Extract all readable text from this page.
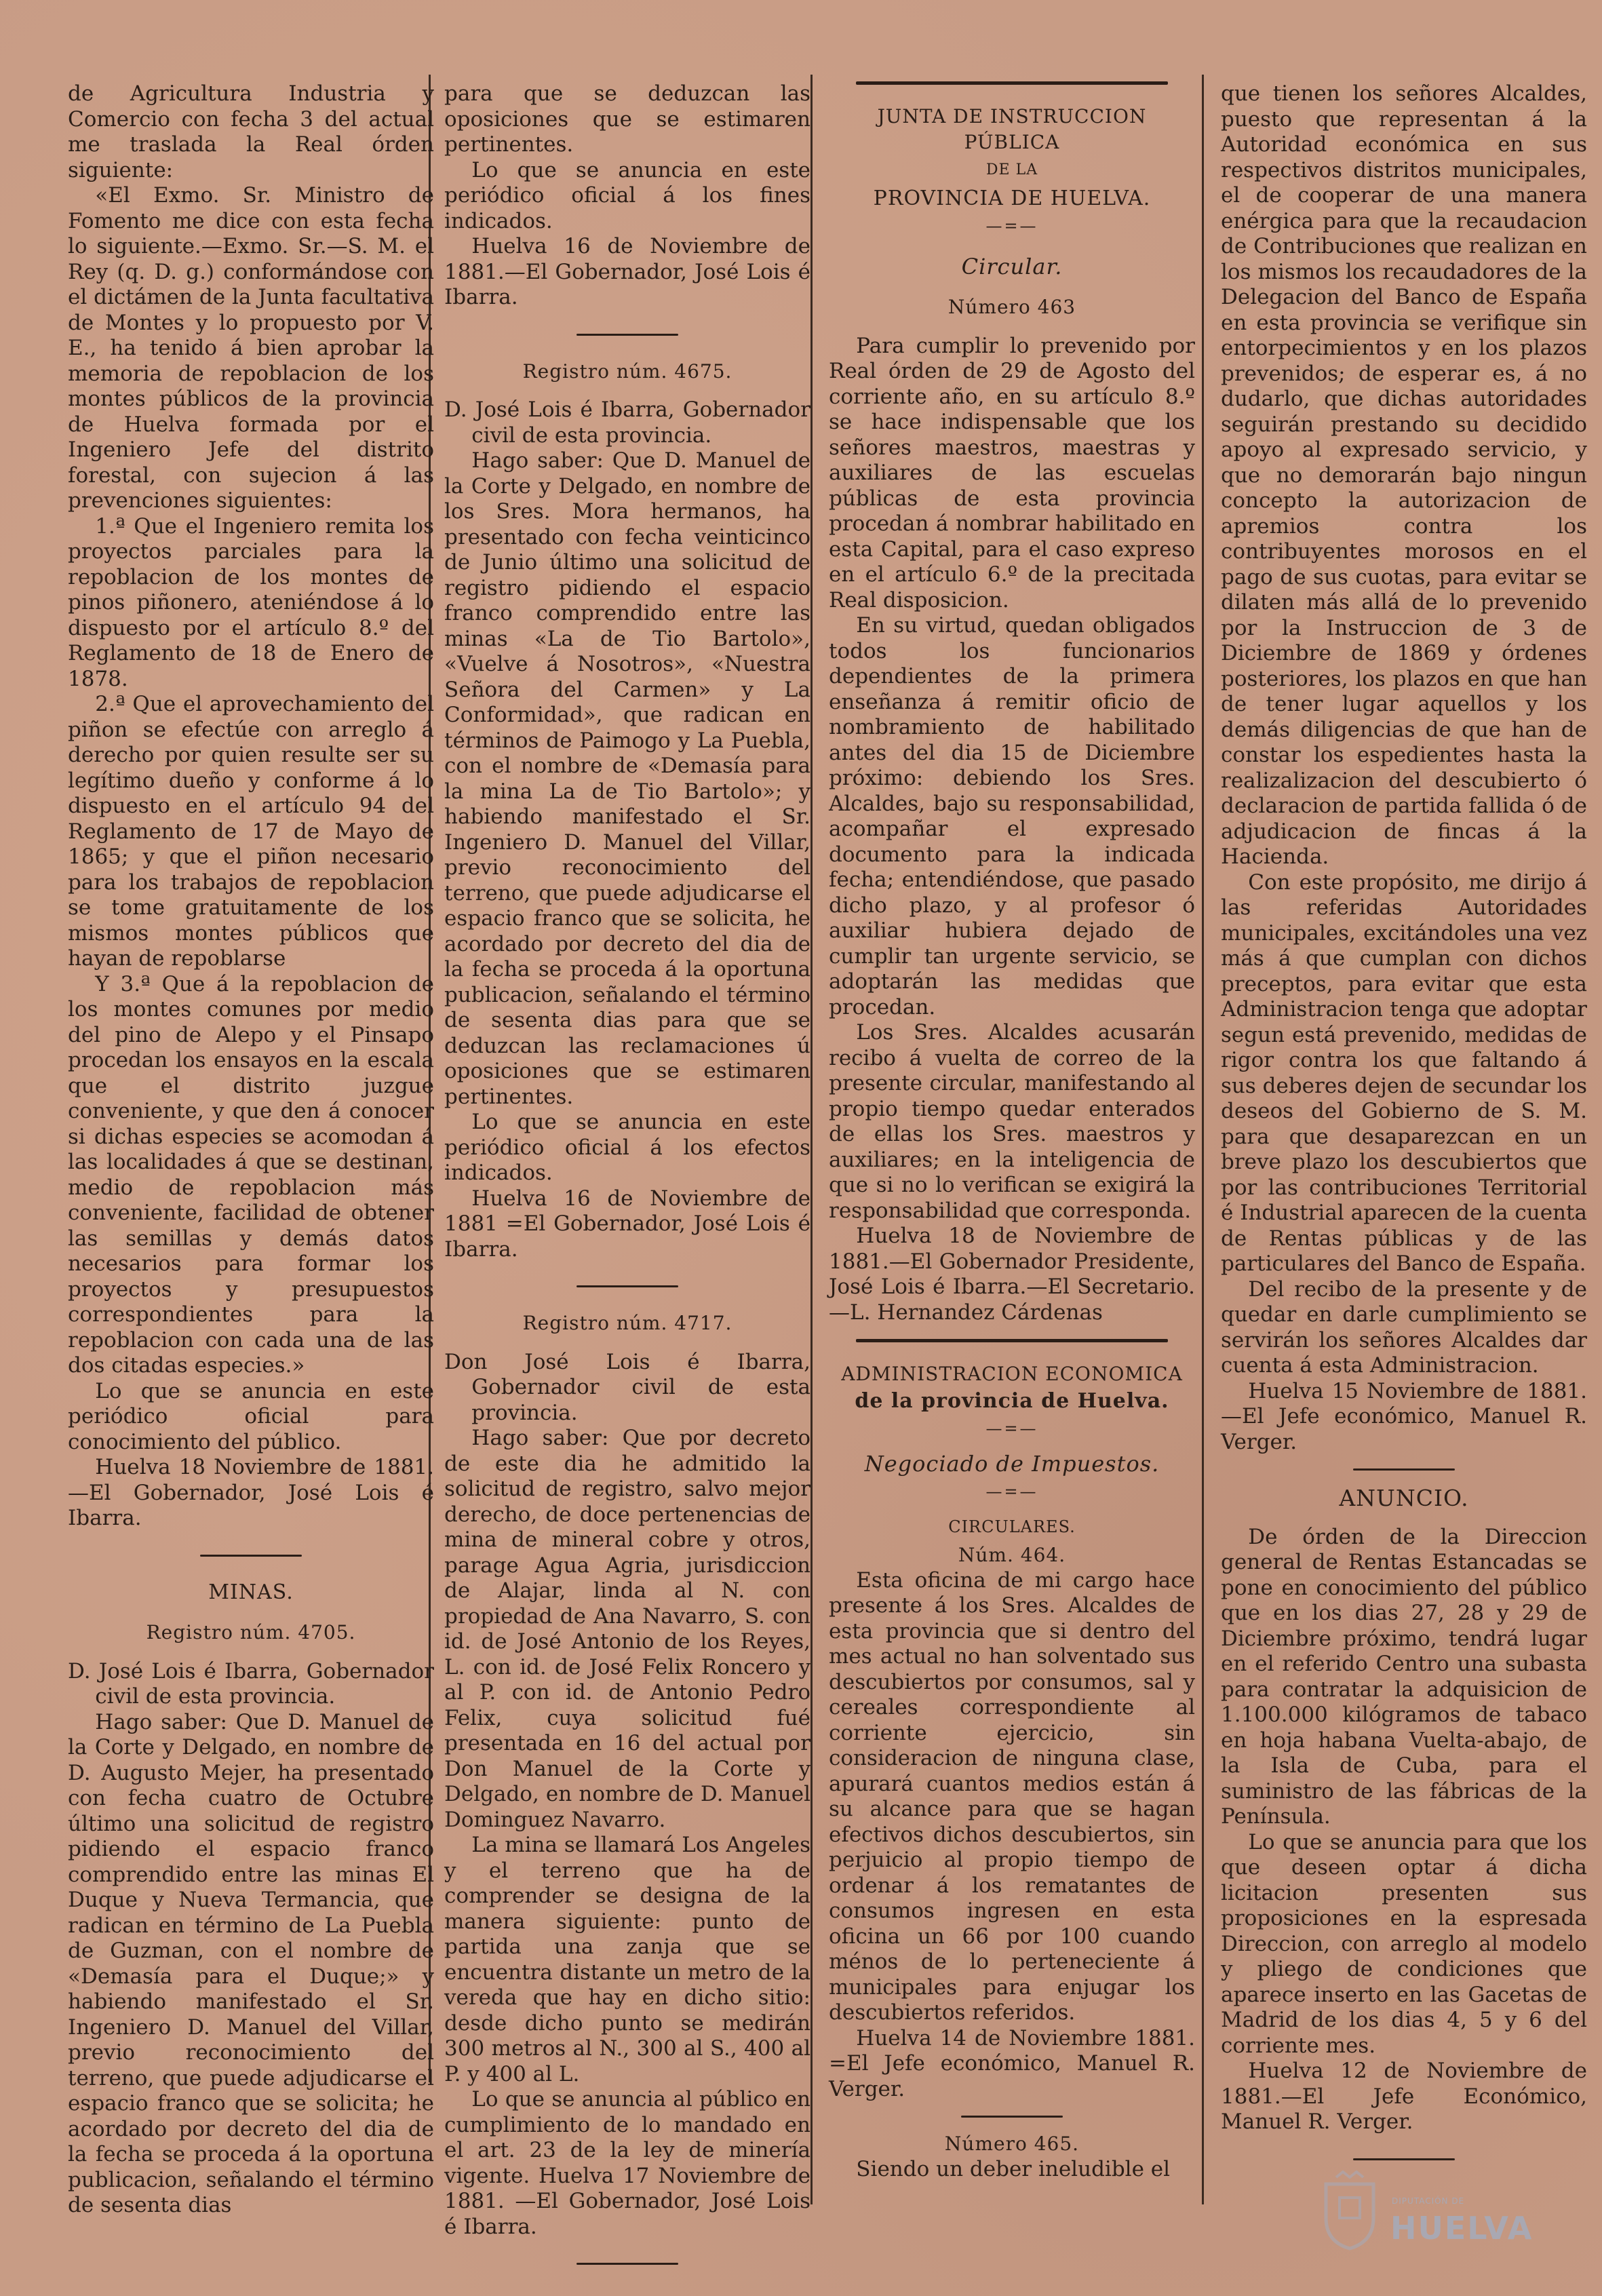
de Agricultura Industria y Comercio con fecha 3 del actual me traslada la Real órden siguiente:

«El Exmo. Sr. Ministro de Fomento me dice con esta fecha lo siguiente.—Exmo. Sr.—S. M. el Rey (q. D. g.) conformándose con el dictámen de la Junta facultativa de Montes y lo propuesto por V. E., ha tenido á bien aprobar la memoria de repoblacion de los montes públicos de la provincia de Huelva formada por el Ingeniero Jefe del distrito forestal, con sujecion á las prevenciones siguientes:

1.ª Que el Ingeniero remita los proyectos parciales para la repoblacion de los montes de pinos piñonero, ateniéndose á lo dispuesto por el artículo 8.º del Reglamento de 18 de Enero de 1878.

2.ª Que el aprovechamiento del piñon se efectúe con arreglo á derecho por quien resulte ser su legítimo dueño y conforme á lo dispuesto en el artículo 94 del Reglamento de 17 de Mayo de 1865; y que el piñon necesario para los trabajos de repoblacion se tome gratuitamente de los mismos montes públicos que hayan de repoblarse

Y 3.ª Que á la repoblacion de los montes comunes por medio del pino de Alepo y el Pinsapo procedan los ensayos en la escala que el distrito juzgue conveniente, y que den á conocer si dichas especies se acomodan á las localidades á que se destinan, medio de repoblacion más conveniente, facilidad de obtener las semillas y demás datos necesarios para formar los proyectos y presupuestos correspondientes para la repoblacion con cada una de las dos citadas especies.»

Lo que se anuncia en este periódico oficial para conocimiento del público.

Huelva 18 Noviembre de 1881. —El Gobernador, José Lois é Ibarra.

MINAS.
Registro núm. 4705.

D. José Lois é Ibarra, Gobernador civil de esta provincia.

Hago saber: Que D. Manuel de la Corte y Delgado, en nombre de D. Augusto Mejer, ha presentado con fecha cuatro de Octubre último una solicitud de registro pidiendo el espacio franco comprendido entre las minas El Duque y Nueva Termancia, que radican en término de La Puebla de Guzman, con el nombre de «Demasía para el Duque;» y habiendo manifestado el Sr. Ingeniero D. Manuel del Villar, previo reconocimiento del terreno, que puede adjudicarse el espacio franco que se solicita; he acordado por decreto del dia de la fecha se proceda á la oportuna publicacion, señalando el término de sesenta dias

para que se deduzcan las oposiciones que se estimaren pertinentes.

Lo que se anuncia en este periódico oficial á los fines indicados.

Huelva 16 de Noviembre de 1881.—El Gobernador, José Lois é Ibarra.

Registro núm. 4675.

D. José Lois é Ibarra, Gobernador civil de esta provincia.

Hago saber: Que D. Manuel de la Corte y Delgado, en nombre de los Sres. Mora hermanos, ha presentado con fecha veinticinco de Junio último una solicitud de registro pidiendo el espacio franco comprendido entre las minas «La de Tio Bartolo», «Vuelve á Nosotros», «Nuestra Señora del Carmen» y La Conformidad», que radican en términos de Paimogo y La Puebla, con el nombre de «Demasía para la mina La de Tio Bartolo»; y habiendo manifestado el Sr. Ingeniero D. Manuel del Villar, previo reconocimiento del terreno, que puede adjudicarse el espacio franco que se solicita, he acordado por decreto del dia de la fecha se proceda á la oportuna publicacion, señalando el término de sesenta dias para que se deduzcan las reclamaciones ú oposiciones que se estimaren pertinentes.

Lo que se anuncia en este periódico oficial á los efectos indicados.

Huelva 16 de Noviembre de 1881 =El Gobernador, José Lois é Ibarra.

Registro núm. 4717.

Don José Lois é Ibarra, Gobernador civil de esta provincia.

Hago saber: Que por decreto de este dia he admitido la solicitud de registro, salvo mejor derecho, de doce pertenencias de mina de mineral cobre y otros, parage Agua Agria, jurisdiccion de Alajar, linda al N. con propiedad de Ana Navarro, S. con id. de José Antonio de los Reyes, L. con id. de José Felix Roncero y al P. con id. de Antonio Pedro Felix, cuya solicitud fué presentada en 16 del actual por Don Manuel de la Corte y Delgado, en nombre de D. Manuel Dominguez Navarro.

La mina se llamará Los Angeles y el terreno que ha de comprender se designa de la manera siguiente: punto de partida una zanja que se encuentra distante un metro de la vereda que hay en dicho sitio: desde dicho punto se medirán 300 metros al N., 300 al S., 400 al P. y 400 al L.

Lo que se anuncia al público en cumplimiento de lo mandado en el art. 23 de la ley de minería vigente. Huelva 17 Noviembre de 1881. —El Gobernador, José Lois é Ibarra.

JUNTA DE INSTRUCCION PÚBLICA
DE LA
PROVINCIA DE HUELVA.
—=—
Circular.
Número 463

Para cumplir lo prevenido por Real órden de 29 de Agosto del corriente año, en su artículo 8.º se hace indispensable que los señores maestros, maestras y auxiliares de las escuelas públicas de esta provincia procedan á nombrar habilitado en esta Capital, para el caso expreso en el artículo 6.º de la precitada Real disposicion.

En su virtud, quedan obligados todos los funcionarios dependientes de la primera enseñanza á remitir oficio de nombramiento de habilitado antes del dia 15 de Diciembre próximo: debiendo los Sres. Alcaldes, bajo su responsabilidad, acompañar el expresado documento para la indicada fecha; entendiéndose, que pasado dicho plazo, y al profesor ó auxiliar hubiera dejado de cumplir tan urgente servicio, se adoptarán las medidas que procedan.

Los Sres. Alcaldes acusarán recibo á vuelta de correo de la presente circular, manifestando al propio tiempo quedar enterados de ellas los Sres. maestros y auxiliares; en la inteligencia de que si no lo verifican se exigirá la responsabilidad que corresponda.

Huelva 18 de Noviembre de 1881.—El Gobernador Presidente, José Lois é Ibarra.—El Secretario.—L. Hernandez Cárdenas

ADMINISTRACION ECONOMICA
de la provincia de Huelva.
—=—
Negociado de Impuestos.
—=—
CIRCULARES.
Núm. 464.

Esta oficina de mi cargo hace presente á los Sres. Alcaldes de esta provincia que si dentro del mes actual no han solventado sus descubiertos por consumos, sal y cereales correspondiente al corriente ejercicio, sin consideracion de ninguna clase, apurará cuantos medios están á su alcance para que se hagan efectivos dichos descubiertos, sin perjuicio al propio tiempo de ordenar á los rematantes de consumos ingresen en esta oficina un 66 por 100 cuando ménos de lo perteneciente á municipales para enjugar los descubiertos referidos.

Huelva 14 de Noviembre 1881. =El Jefe económico, Manuel R. Verger.

Número 465.

Siendo un deber ineludible el

que tienen los señores Alcaldes, puesto que representan á la Autoridad económica en sus respectivos distritos municipales, el de cooperar de una manera enérgica para que la recaudacion de Contribuciones que realizan en los mismos los recaudadores de la Delegacion del Banco de España en esta provincia se verifique sin entorpecimientos y en los plazos prevenidos; de esperar es, á no dudarlo, que dichas autoridades seguirán prestando su decidido apoyo al expresado servicio, y que no demorarán bajo ningun concepto la autorizacion de apremios contra los contribuyentes morosos en el pago de sus cuotas, para evitar se dilaten más allá de lo prevenido por la Instruccion de 3 de Diciembre de 1869 y órdenes posteriores, los plazos en que han de tener lugar aquellos y los demás diligencias de que han de constar los espedientes hasta la realizalizacion del descubierto ó declaracion de partida fallida ó de adjudicacion de fincas á la Hacienda.

Con este propósito, me dirijo á las referidas Autoridades municipales, excitándoles una vez más á que cumplan con dichos preceptos, para evitar que esta Administracion tenga que adoptar segun está prevenido, medidas de rigor contra los que faltando á sus deberes dejen de secundar los deseos del Gobierno de S. M. para que desaparezcan en un breve plazo los descubiertos que por las contribuciones Territorial é Industrial aparecen de la cuenta de Rentas públicas y de las particulares del Banco de España.

Del recibo de la presente y de quedar en darle cumplimiento se servirán los señores Alcaldes dar cuenta á esta Administracion.

Huelva 15 Noviembre de 1881. —El Jefe económico, Manuel R. Verger.

ANUNCIO.

De órden de la Direccion general de Rentas Estancadas se pone en conocimiento del público que en los dias 27, 28 y 29 de Diciembre próximo, tendrá lugar en el referido Centro una subasta para contratar la adquisicion de 1.100.000 kilógramos de tabaco en hoja habana Vuelta-abajo, de la Isla de Cuba, para el suministro de las fábricas de la Península.

Lo que se anuncia para que los que deseen optar á dicha licitacion presenten sus proposiciones en la espresada Direccion, con arreglo al modelo y pliego de condiciones que aparece inserto en las Gacetas de Madrid de los dias 4, 5 y 6 del corriente mes.

Huelva 12 de Noviembre de 1881.—El Jefe Económico, Manuel R. Verger.

DIPUTACIÓN DE
HUELVA
